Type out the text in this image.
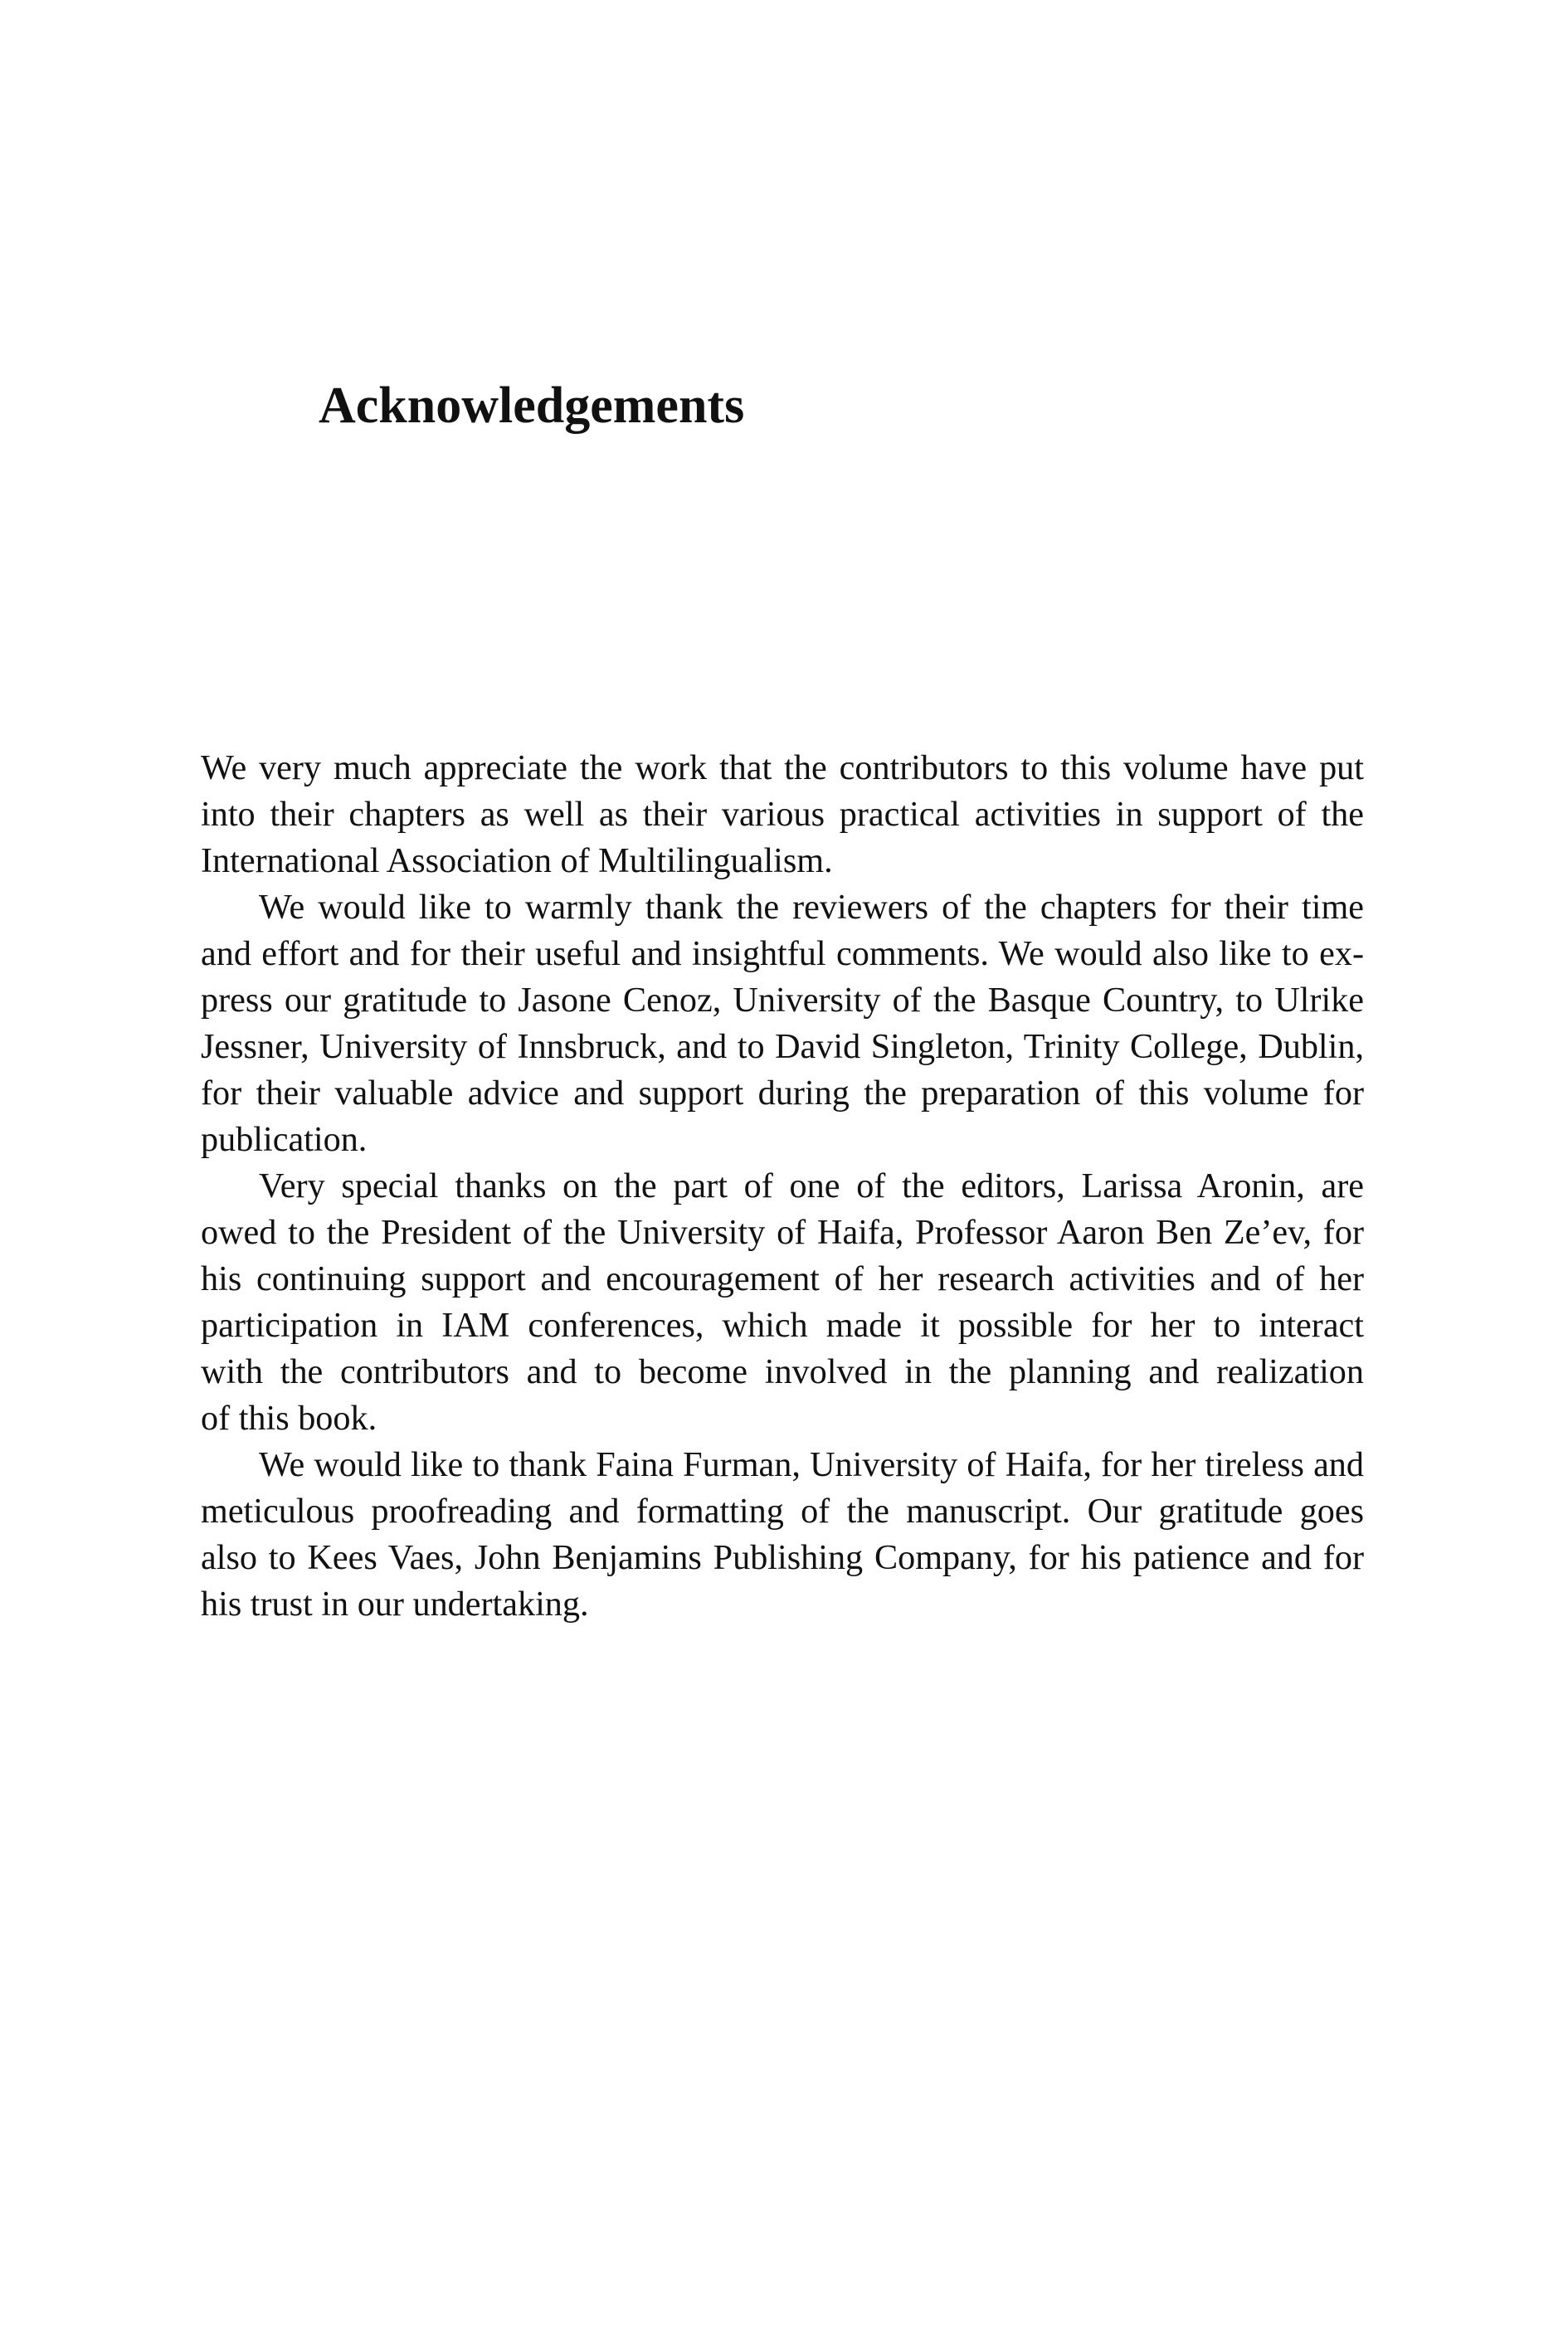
Acknowledgements

We very much appreciate the work that the contributors to this volume have put
into their chapters as well as their various practical activities in support of the
International Association of Multilingualism.

We would like to warmly thank the reviewers of the chapters for their time
and effort and for their useful and insightful comments. We would also like to ex-
press our gratitude to Jasone Cenoz, University of the Basque Country, to Ulrike
Jessner, University of Innsbruck, and to David Singleton, Trinity College, Dublin,
for their valuable advice and support during the preparation of this volume for
publication.

Very special thanks on the part of one of the editors, Larissa Aronin, are
owed to the President of the University of Haifa, Professor Aaron Ben Ze’ev, for
his continuing support and encouragement of her research activities and of her
participation in IAM conferences, which made it possible for her to interact
with the contributors and to become involved in the planning and realization
of this book.

We would like to thank Faina Furman, University of Haifa, for her tireless and
meticulous proofreading and formatting of the manuscript. Our gratitude goes
also to Kees Vaes, John Benjamins Publishing Company, for his patience and for
his trust in our undertaking.
